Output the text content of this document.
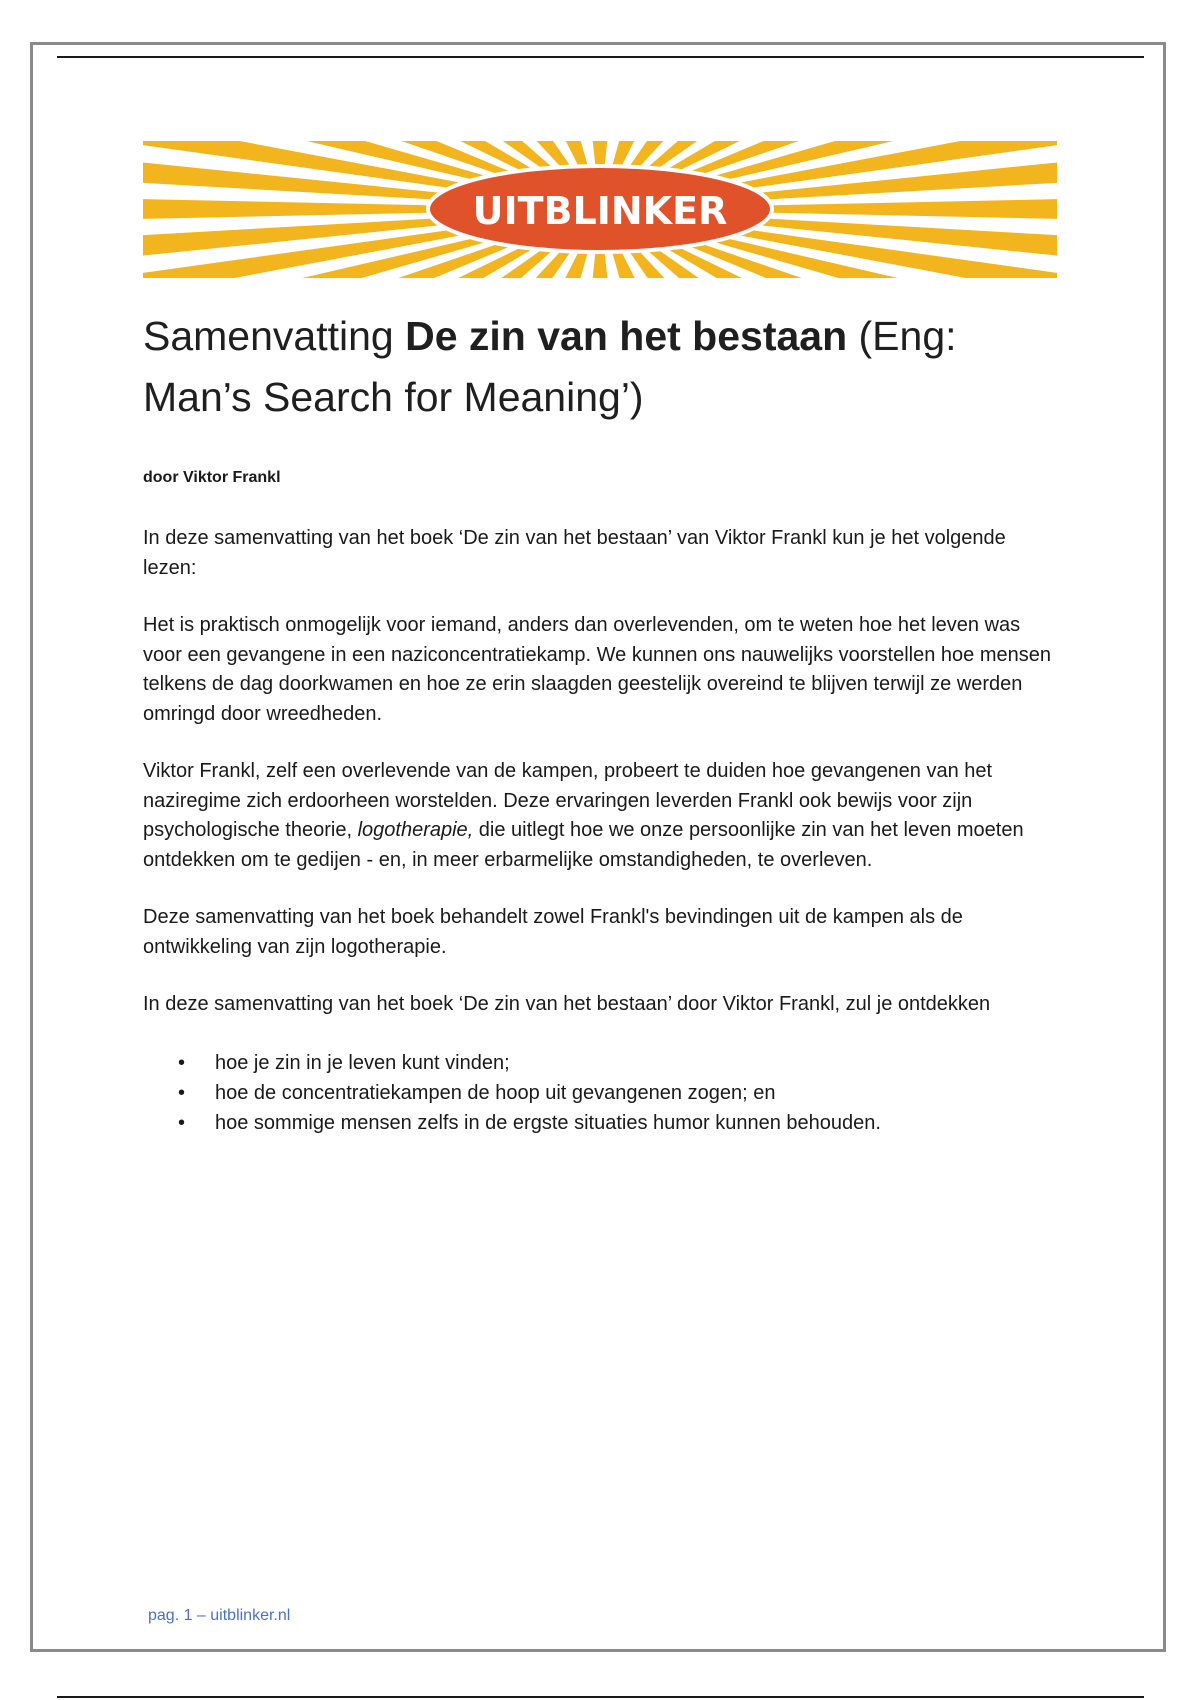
UITBLINKER
Samenvatting De zin van het bestaan (Eng: Man’s Search for Meaning’)
door Viktor Frankl

In deze samenvatting van het boek ‘De zin van het bestaan’ van Viktor Frankl kun je het volgende lezen:

Het is praktisch onmogelijk voor iemand, anders dan overlevenden, om te weten hoe het leven was voor een gevangene in een naziconcentratiekamp. We kunnen ons nauwelijks voorstellen hoe mensen telkens de dag doorkwamen en hoe ze erin slaagden geestelijk overeind te blijven terwijl ze werden omringd door wreedheden.

Viktor Frankl, zelf een overlevende van de kampen, probeert te duiden hoe gevangenen van het naziregime zich erdoorheen worstelden. Deze ervaringen leverden Frankl ook bewijs voor zijn psychologische theorie, logotherapie, die uitlegt hoe we onze persoonlijke zin van het leven moeten ontdekken om te gedijen - en, in meer erbarmelijke omstandigheden, te overleven.

Deze samenvatting van het boek behandelt zowel Frankl's bevindingen uit de kampen als de ontwikkeling van zijn logotherapie.

In deze samenvatting van het boek ‘De zin van het bestaan’ door Viktor Frankl, zul je ontdekken

• hoe je zin in je leven kunt vinden;
• hoe de concentratiekampen de hoop uit gevangenen zogen; en
• hoe sommige mensen zelfs in de ergste situaties humor kunnen behouden.
pag. 1 – uitblinker.nl
